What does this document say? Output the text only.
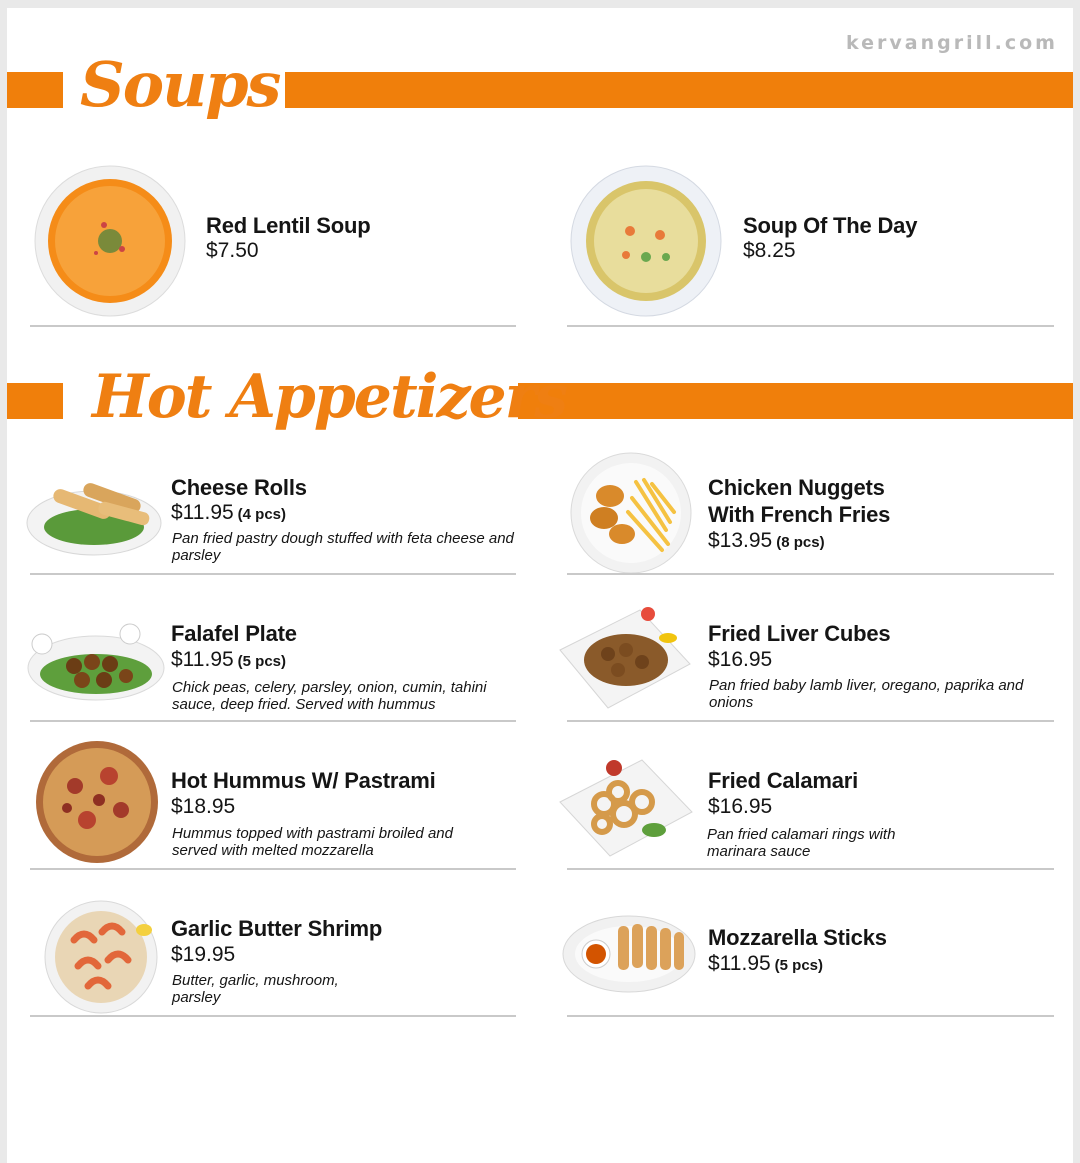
kervangrill.com
Soups
Red Lentil Soup
$7.50
Soup Of The Day
$8.25
Hot Appetizers
Cheese Rolls
$11.95 (4 pcs)
Pan fried pastry dough stuffed with feta cheese and parsley
Chicken Nuggets
With French Fries
$13.95 (8 pcs)
Falafel Plate
$11.95 (5 pcs)
Chick peas, celery, parsley, onion, cumin, tahini sauce, deep fried. Served with hummus
Fried Liver Cubes
$16.95
Pan fried baby lamb liver, oregano, paprika and onions
Hot Hummus W/ Pastrami
$18.95
Hummus topped with pastrami broiled and served with melted mozzarella
Fried Calamari
$16.95
Pan fried calamari rings with marinara sauce
Garlic Butter Shrimp
$19.95
Butter, garlic, mushroom, parsley
Mozzarella Sticks
$11.95 (5 pcs)
